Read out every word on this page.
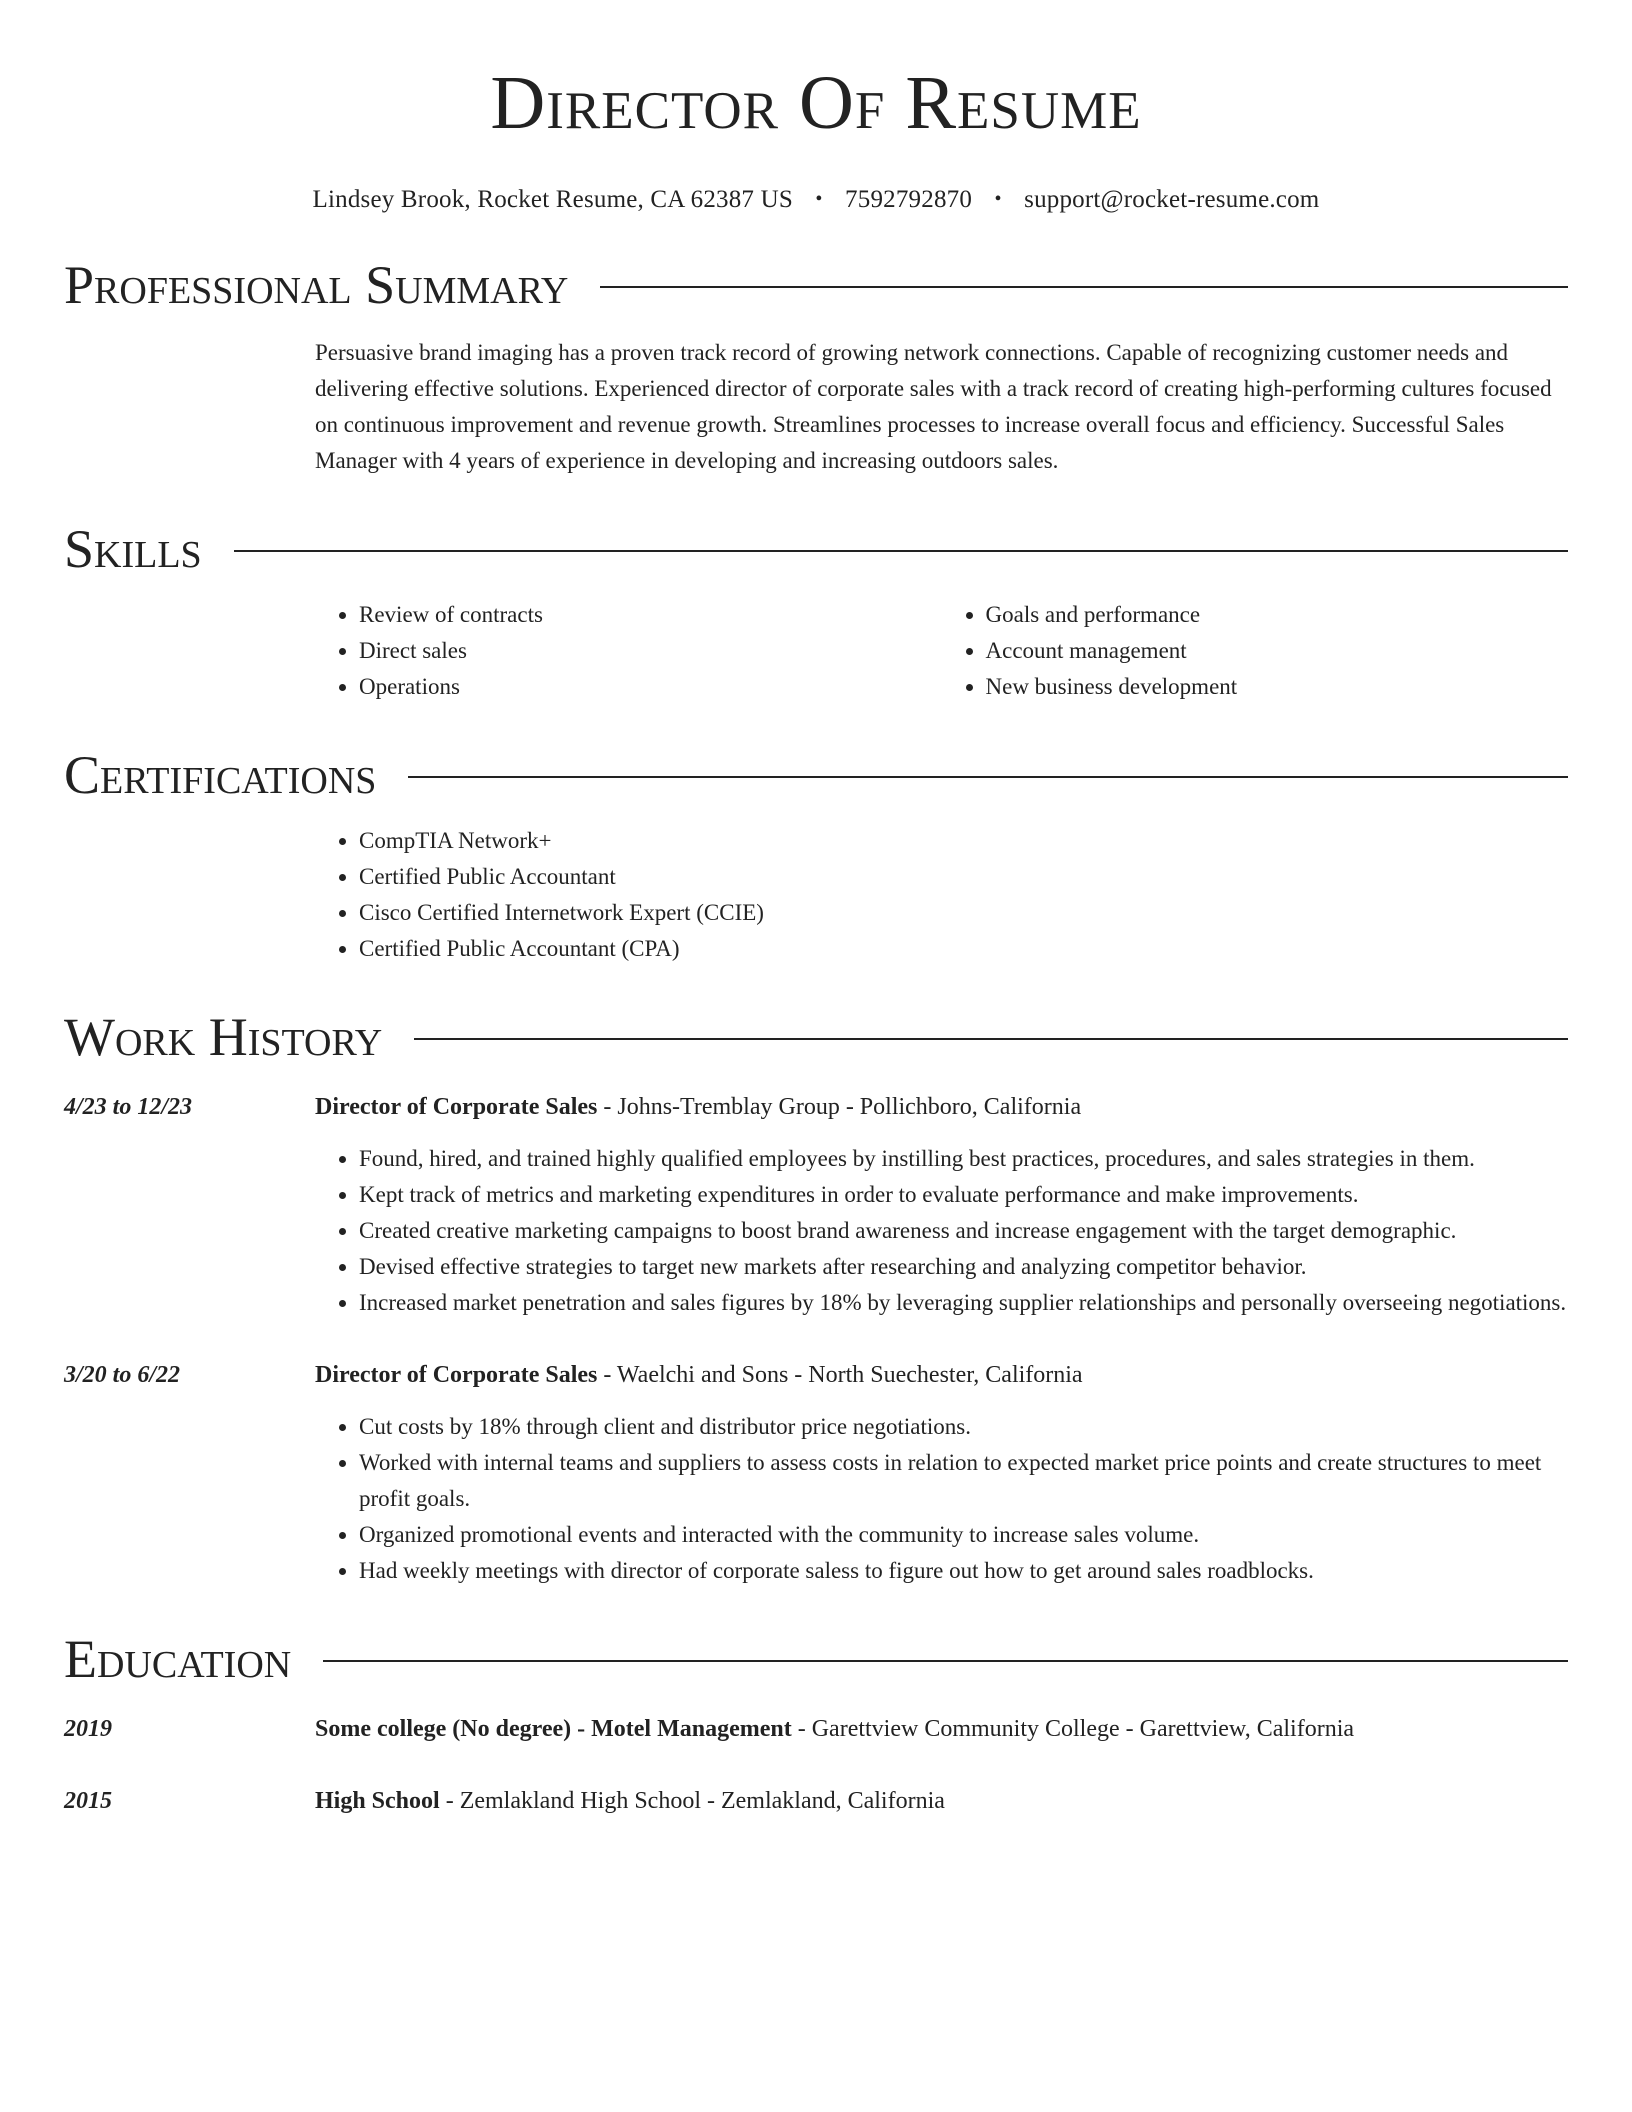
Director Of Resume
Lindsey Brook, Rocket Resume, CA 62387 US • 7592792870 • support@rocket-resume.com
Professional Summary
Persuasive brand imaging has a proven track record of growing network connections. Capable of recognizing customer needs and delivering effective solutions. Experienced director of corporate sales with a track record of creating high-performing cultures focused on continuous improvement and revenue growth. Streamlines processes to increase overall focus and efficiency. Successful Sales Manager with 4 years of experience in developing and increasing outdoors sales.
Skills
• Review of contracts
• Direct sales
• Operations
• Goals and performance
• Account management
• New business development
Certifications
• CompTIA Network+
• Certified Public Accountant
• Cisco Certified Internetwork Expert (CCIE)
• Certified Public Accountant (CPA)
Work History
4/23 to 12/23	Director of Corporate Sales - Johns-Tremblay Group - Pollichboro, California
• Found, hired, and trained highly qualified employees by instilling best practices, procedures, and sales strategies in them.
• Kept track of metrics and marketing expenditures in order to evaluate performance and make improvements.
• Created creative marketing campaigns to boost brand awareness and increase engagement with the target demographic.
• Devised effective strategies to target new markets after researching and analyzing competitor behavior.
• Increased market penetration and sales figures by 18% by leveraging supplier relationships and personally overseeing negotiations.
3/20 to 6/22	Director of Corporate Sales - Waelchi and Sons - North Suechester, California
• Cut costs by 18% through client and distributor price negotiations.
• Worked with internal teams and suppliers to assess costs in relation to expected market price points and create structures to meet profit goals.
• Organized promotional events and interacted with the community to increase sales volume.
• Had weekly meetings with director of corporate saless to figure out how to get around sales roadblocks.
Education
2019	Some college (No degree) - Motel Management - Garettview Community College - Garettview, California
2015	High School - Zemlakland High School - Zemlakland, California
